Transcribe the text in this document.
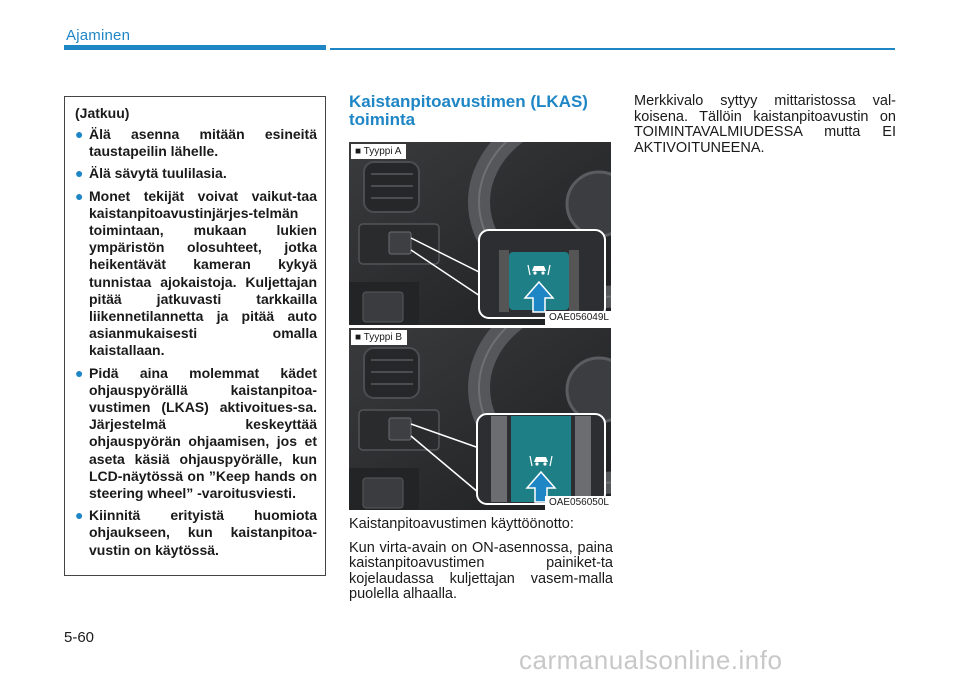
Ajaminen
(Jatkuu)
● Älä asenna mitään esineitä taustapeilin lähelle.
● Älä sävytä tuulilasia.
● Monet tekijät voivat vaikut-taa kaistanpitoavustinjärjes-telmän toimintaan, mukaan lukien ympäristön olosuhteet, jotka heikentävät kameran kykyä tunnistaa ajokaistoja. Kuljettajan pitää jatkuvasti tarkkailla liikennetilannetta ja pitää auto asianmukaisesti omalla kaistallaan.
● Pidä aina molemmat kädet ohjauspyörällä kaistanpitoa-vustimen (LKAS) aktivoitues-sa. Järjestelmä keskeyttää ohjauspyörän ohjaamisen, jos et aseta käsiä ohjauspyörälle, kun LCD-näytössä on ”Keep hands on steering wheel” -varoitusviesti.
● Kiinnitä erityistä huomiota ohjaukseen, kun kaistanpitoa-vustin on käytössä.
Kaistanpitoavustimen (LKAS) toiminta
■ Tyyppi A
OAE056049L
■ Tyyppi B
OAE056050L

Kaistanpitoavustimen käyttöönotto:

Kun virta-avain on ON-asennossa, paina kaistanpitoavustimen painiket-ta kojelaudassa kuljettajan vasem-malla puolella alhaalla.

Merkkivalo syttyy mittaristossa val-koisena. Tällöin kaistanpitoavustin on TOIMINTAVALMIUDESSA mutta EI AKTIVOITUNEENA.

5-60
carmanualsonline.info
